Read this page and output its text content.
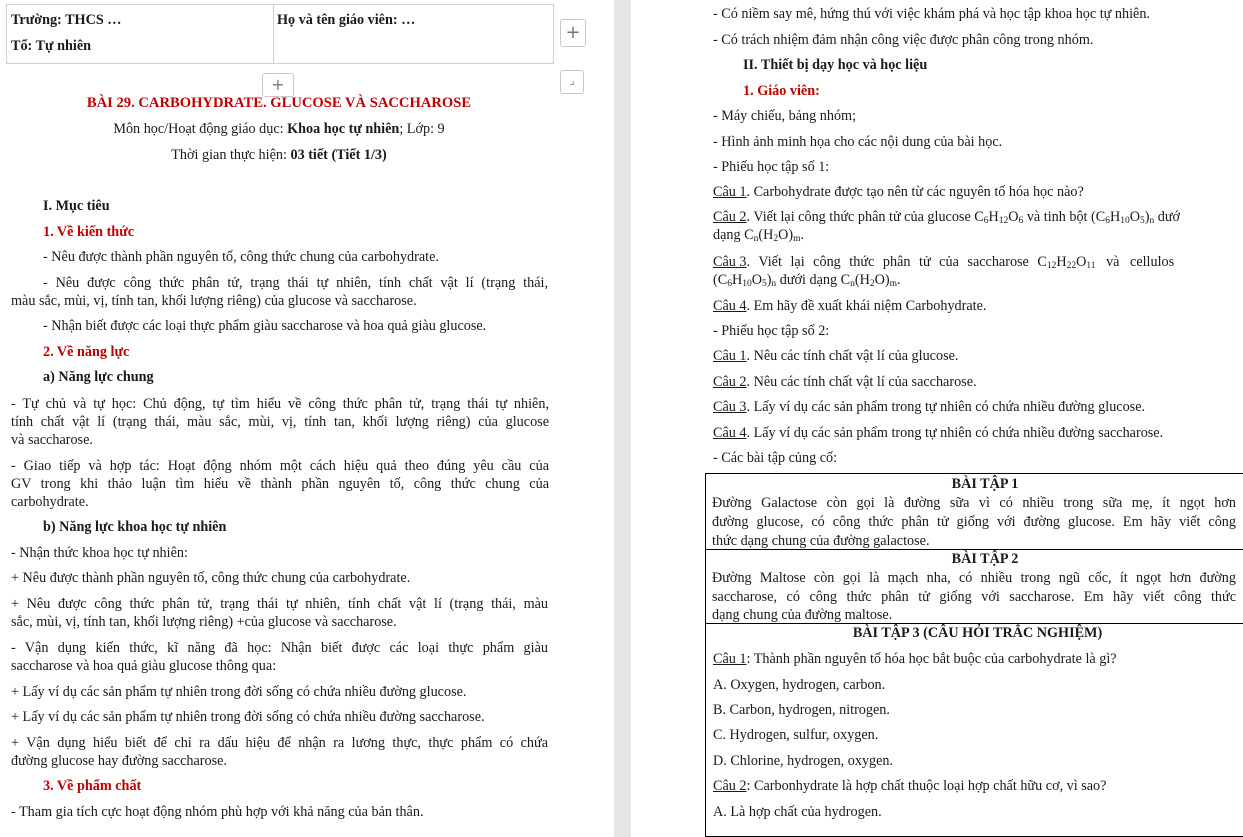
Trường: THCS …	Họ và tên giáo viên: …
Tổ: Tự nhiên
+
+	⌟
BÀI 29. CARBOHYDRATE. GLUCOSE VÀ SACCHAROSE
Môn học/Hoạt động giáo dục: Khoa học tự nhiên; Lớp: 9
Thời gian thực hiện: 03 tiết (Tiết 1/3)
I. Mục tiêu
1. Về kiến thức
- Nêu được thành phần nguyên tố, công thức chung của carbohydrate.
- Nêu được công thức phân tử, trạng thái tự nhiên, tính chất vật lí (trạng thái,
màu sắc, mùi, vị, tính tan, khối lượng riêng) của glucose và saccharose.
- Nhận biết được các loại thực phẩm giàu saccharose và hoa quả giàu glucose.
2. Về năng lực
a) Năng lực chung
- Tự chủ và tự học: Chủ động, tự tìm hiểu về công thức phân tử, trạng thái tự nhiên,
tính chất vật lí (trạng thái, màu sắc, mùi, vị, tính tan, khối lượng riêng) của glucose
và saccharose.
- Giao tiếp và hợp tác: Hoạt động nhóm một cách hiệu quả theo đúng yêu cầu của
GV trong khi thảo luận tìm hiểu về thành phần nguyên tố, công thức chung của
carbohydrate.
b) Năng lực khoa học tự nhiên
- Nhận thức khoa học tự nhiên:
+ Nêu được thành phần nguyên tố, công thức chung của carbohydrate.
+ Nêu được công thức phân tử, trạng thái tự nhiên, tính chất vật lí (trạng thái, màu
sắc, mùi, vị, tính tan, khối lượng riêng) +của glucose và saccharose.
- Vận dụng kiến thức, kĩ năng đã học: Nhận biết được các loại thực phẩm giàu
saccharose và hoa quả giàu glucose thông qua:
+ Lấy ví dụ các sản phẩm tự nhiên trong đời sống có chứa nhiều đường glucose.
+ Lấy ví dụ các sản phẩm tự nhiên trong đời sống có chứa nhiều đường saccharose.
+ Vận dụng hiểu biết để chỉ ra dấu hiệu để nhận ra lương thực, thực phẩm có chứa
đường glucose hay đường saccharose.
3. Về phẩm chất
- Tham gia tích cực hoạt động nhóm phù hợp với khả năng của bản thân.
- Có niềm say mê, hứng thú với việc khám phá và học tập khoa học tự nhiên.
- Có trách nhiệm đảm nhận công việc được phân công trong nhóm.
II. Thiết bị dạy học và học liệu
1. Giáo viên:
- Máy chiếu, bảng nhóm;
- Hình ảnh minh họa cho các nội dung của bài học.
- Phiếu học tập số 1:
Câu 1. Carbohydrate được tạo nên từ các nguyên tố hóa học nào?
Câu 2. Viết lại công thức phân tử của glucose $C_6H_{12}O_6$ và tinh bột $(C_6H_{10}O_5)_n$ dướ
dạng $C_n(H_2O)_m$.
Câu 3. Viết lại công thức phân tử của saccharose $C_{12}H_{22}O_{11}$ và cellulos
$(C_6H_{10}O_5)_n$ dưới dạng $C_n(H_2O)_m$.
Câu 4. Em hãy đề xuất khái niệm Carbohydrate.
- Phiếu học tập số 2:
Câu 1. Nêu các tính chất vật lí của glucose.
Câu 2. Nêu các tính chất vật lí của saccharose.
Câu 3. Lấy ví dụ các sản phẩm trong tự nhiên có chứa nhiều đường glucose.
Câu 4. Lấy ví dụ các sản phẩm trong tự nhiên có chứa nhiều đường saccharose.
- Các bài tập củng cố:
BÀI TẬP 1
Đường Galactose còn gọi là đường sữa vì có nhiều trong sữa mẹ, ít ngọt hơn
đường glucose, có công thức phân tử giống với đường glucose. Em hãy viết công
thức dạng chung của đường galactose.
BÀI TẬP 2
Đường Maltose còn gọi là mạch nha, có nhiều trong ngũ cốc, ít ngọt hơn đường
saccharose, có công thức phân tử giống với saccharose. Em hãy viết công thức
dạng chung của đường maltose.
BÀI TẬP 3 (CÂU HỎI TRẮC NGHIỆM)
Câu 1: Thành phần nguyên tố hóa học bắt buộc của carbohydrate là gì?
A. Oxygen, hydrogen, carbon.
B. Carbon, hydrogen, nitrogen.
C. Hydrogen, sulfur, oxygen.
D. Chlorine, hydrogen, oxygen.
Câu 2: Carbonhydrate là hợp chất thuộc loại hợp chất hữu cơ, vì sao?
A. Là hợp chất của hydrogen.
